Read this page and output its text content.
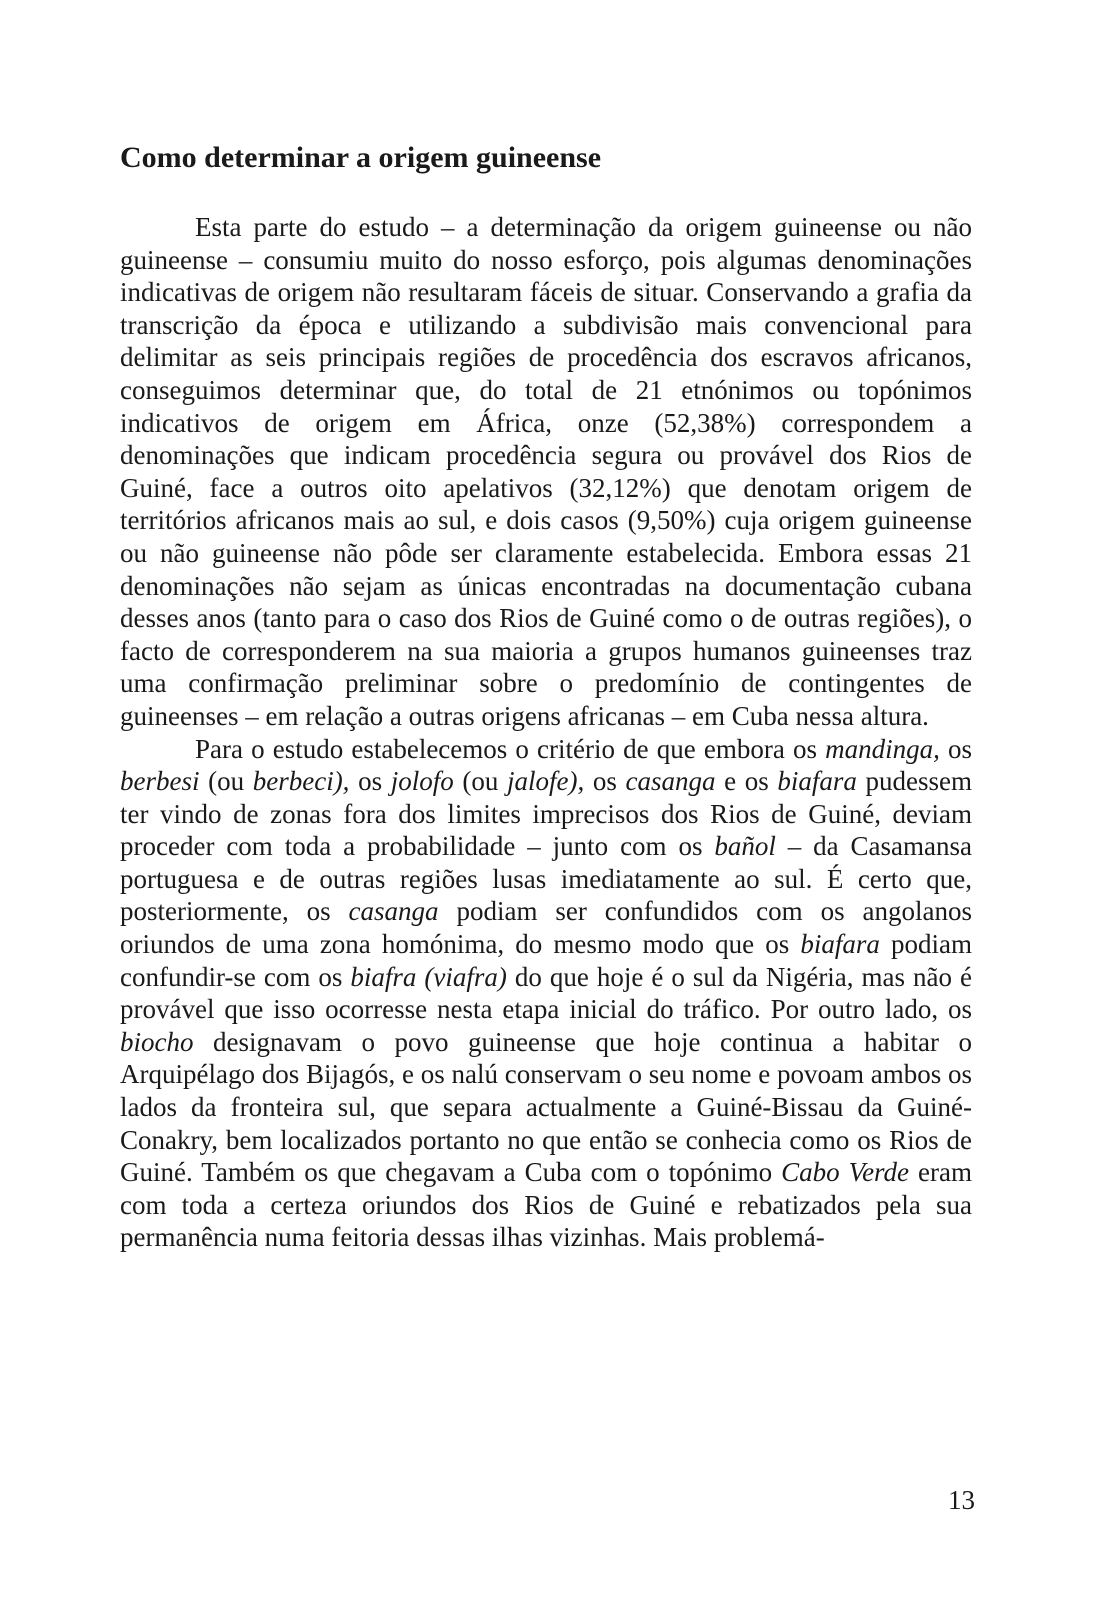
Como determinar a origem guineense

Esta parte do estudo – a determinação da origem guineense ou não guineense – consumiu muito do nosso esforço, pois algumas denominações indicativas de origem não resultaram fáceis de situar. Conservando a grafia da transcrição da época e utilizando a subdivisão mais convencional para delimitar as seis principais regiões de procedência dos escravos africanos, conseguimos determinar que, do total de 21 etnónimos ou topónimos indicativos de origem em África, onze (52,38%) correspondem a denominações que indicam procedência segura ou provável dos Rios de Guiné, face a outros oito apelativos (32,12%) que denotam origem de territórios africanos mais ao sul, e dois casos (9,50%) cuja origem guineense ou não guineense não pôde ser claramente estabelecida. Embora essas 21 denominações não sejam as únicas encontradas na documentação cubana desses anos (tanto para o caso dos Rios de Guiné como o de outras regiões), o facto de corresponderem na sua maioria a grupos humanos guineenses traz uma confirmação preliminar sobre o predomínio de contingentes de guineenses – em relação a outras origens africanas – em Cuba nessa altura.

Para o estudo estabelecemos o critério de que embora os mandinga, os berbesi (ou berbeci), os jolofo (ou jalofe), os casanga e os biafara pudessem ter vindo de zonas fora dos limites imprecisos dos Rios de Guiné, deviam proceder com toda a probabilidade – junto com os bañol – da Casamansa portuguesa e de outras regiões lusas imediatamente ao sul. É certo que, posteriormente, os casanga podiam ser confundidos com os angolanos oriundos de uma zona homónima, do mesmo modo que os biafara podiam confundir-se com os biafra (viafra) do que hoje é o sul da Nigéria, mas não é provável que isso ocorresse nesta etapa inicial do tráfico. Por outro lado, os biocho designavam o povo guineense que hoje continua a habitar o Arquipélago dos Bijagós, e os nalú conservam o seu nome e povoam ambos os lados da fronteira sul, que separa actualmente a Guiné-Bissau da Guiné-Conakry, bem localizados portanto no que então se conhecia como os Rios de Guiné. Também os que chegavam a Cuba com o topónimo Cabo Verde eram com toda a certeza oriundos dos Rios de Guiné e rebatizados pela sua permanência numa feitoria dessas ilhas vizinhas. Mais problemá-

13
